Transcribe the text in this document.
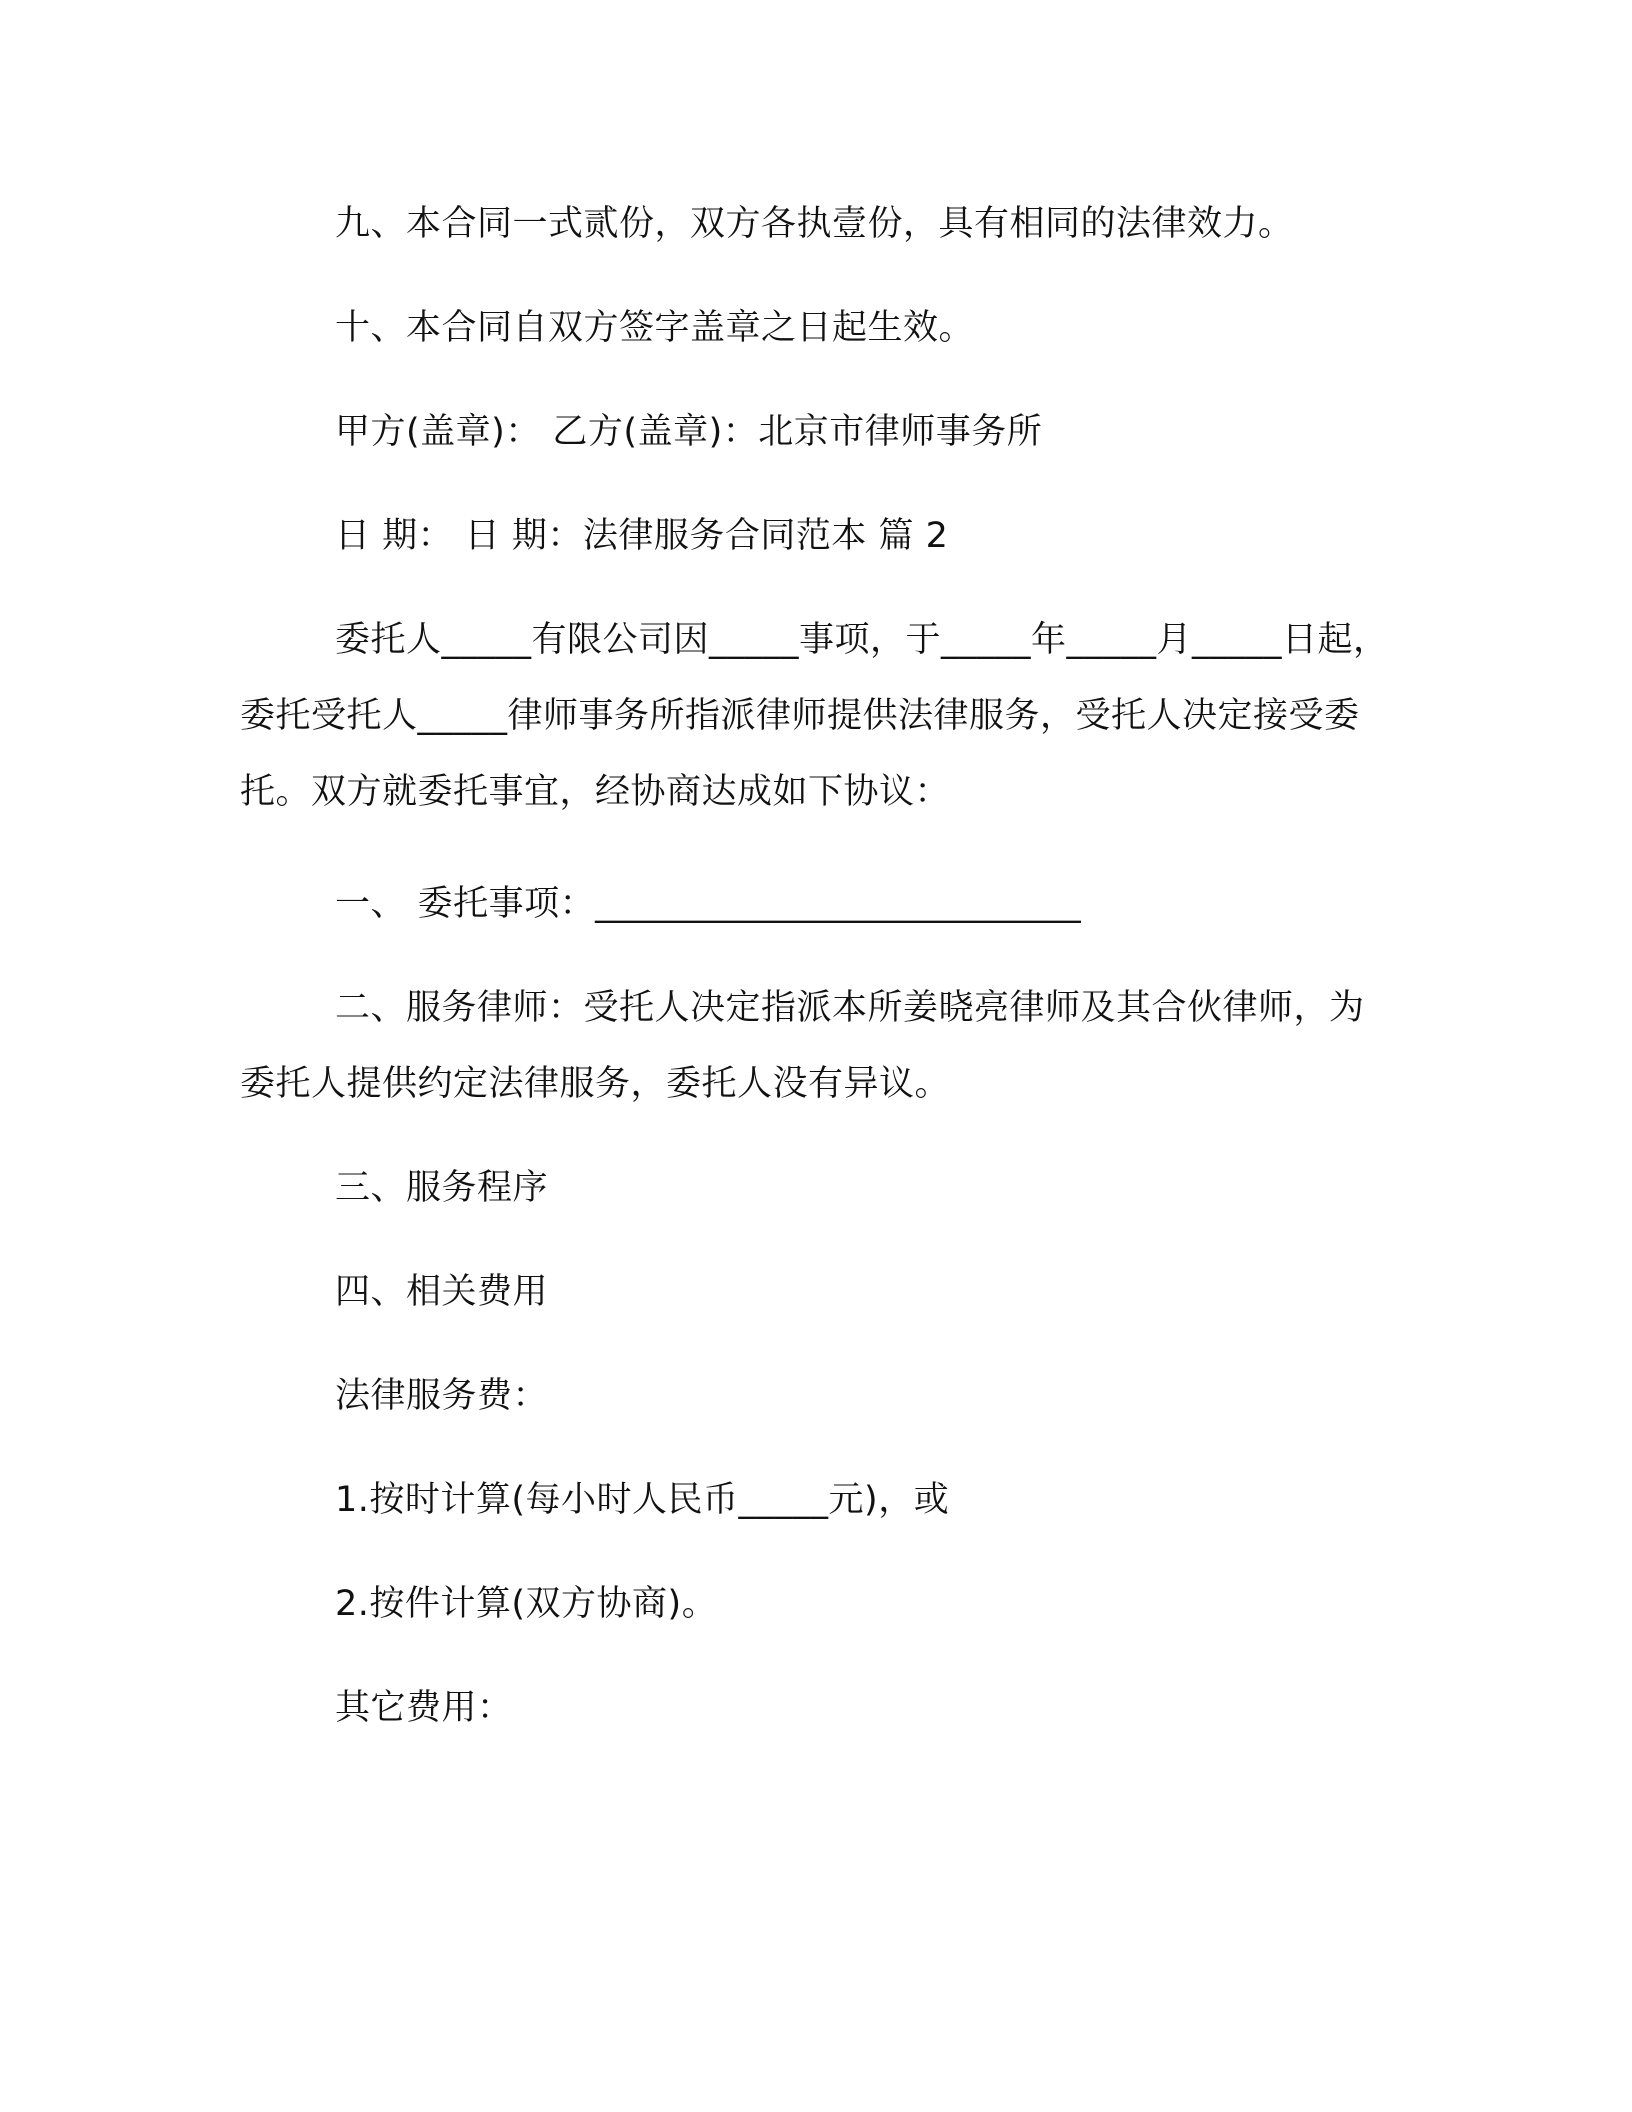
九、本合同一式贰份，双方各执壹份，具有相同的法律效力。

十、本合同自双方签字盖章之日起生效。

甲方(盖章)： 乙方(盖章)：北京市律师事务所

日 期： 日 期：法律服务合同范本 篇 2

委托人_____有限公司因_____事项，于_____年_____月_____日起，委托受托人_____律师事务所指派律师提供法律服务，受托人决定接受委托。双方就委托事宜，经协商达成如下协议：

一、 委托事项：___________________________

二、服务律师：受托人决定指派本所姜晓亮律师及其合伙律师，为委托人提供约定法律服务，委托人没有异议。

三、服务程序

四、相关费用

法律服务费：

1.按时计算(每小时人民币_____元)，或

2.按件计算(双方协商)。

其它费用：
